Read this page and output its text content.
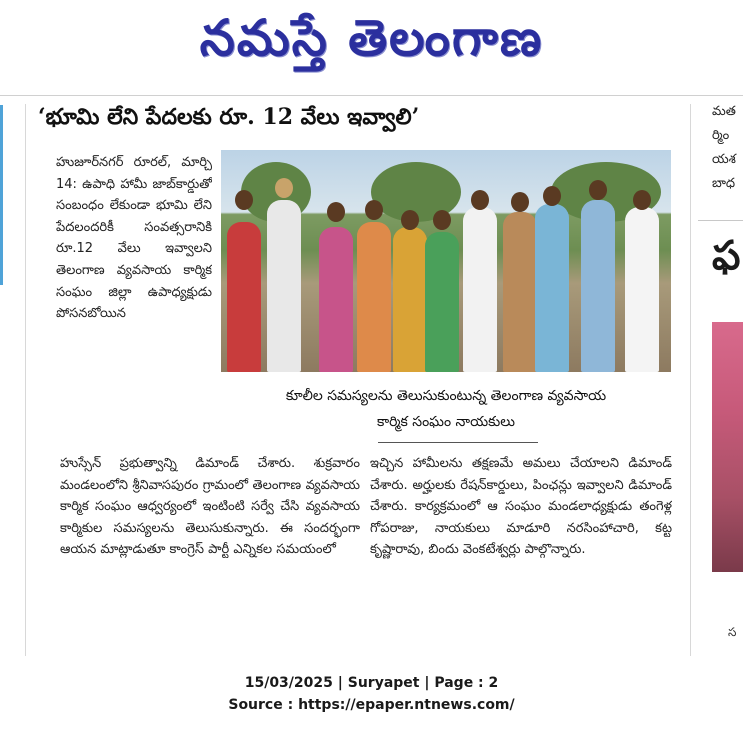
నమస్తే తెలంగాణ
‘భూమి లేని పేదలకు రూ. 12 వేలు ఇవ్వాలి’
హుజూర్‌నగర్ రూరల్, మార్చి 14: ఉపాధి హామీ జాబ్‌కార్డుతో సంబంధం లేకుండా భూమి లేని పేదలందరికీ సంవత్సరానికి రూ.12 వేలు ఇవ్వాలని తెలంగాణ వ్యవసాయ కార్మిక సంఘం జిల్లా ఉపాధ్యక్షుడు పోసనబోయిన
కూలీల సమస్యలను తెలుసుకుంటున్న తెలంగాణ వ్యవసాయ
కార్మిక సంఘం నాయకులు
హుస్సేన్ ప్రభుత్వాన్ని డిమాండ్ చేశారు. శుక్రవారం మండలంలోని శ్రీనివాసపురం గ్రామంలో తెలంగాణ వ్యవసాయ కార్మిక సంఘం ఆధ్వర్యంలో ఇంటింటి సర్వే చేసి వ్యవసాయ కార్మికుల సమస్యలను తెలుసుకున్నారు. ఈ సందర్భంగా ఆయన మాట్లాడుతూ కాంగ్రెస్ పార్టీ ఎన్నికల సమయంలో
ఇచ్చిన హామీలను తక్షణమే అమలు చేయాలని డిమాండ్ చేశారు. అర్హులకు రేషన్‌కార్డులు, పింఛన్లు ఇవ్వాలని డిమాండ్ చేశారు. కార్యక్రమంలో ఆ సంఘం మండలాధ్యక్షుడు తంగెళ్ల గోపరాజు, నాయకులు మాడూరి నరసింహాచారి, కట్ట కృష్ణారావు, బిందు వెంకటేశ్వర్లు పాల్గొన్నారు.
మత
ర్మిం
యశ
బాధ
ఫ
స
15/03/2025 | Suryapet | Page : 2
Source : https://epaper.ntnews.com/
